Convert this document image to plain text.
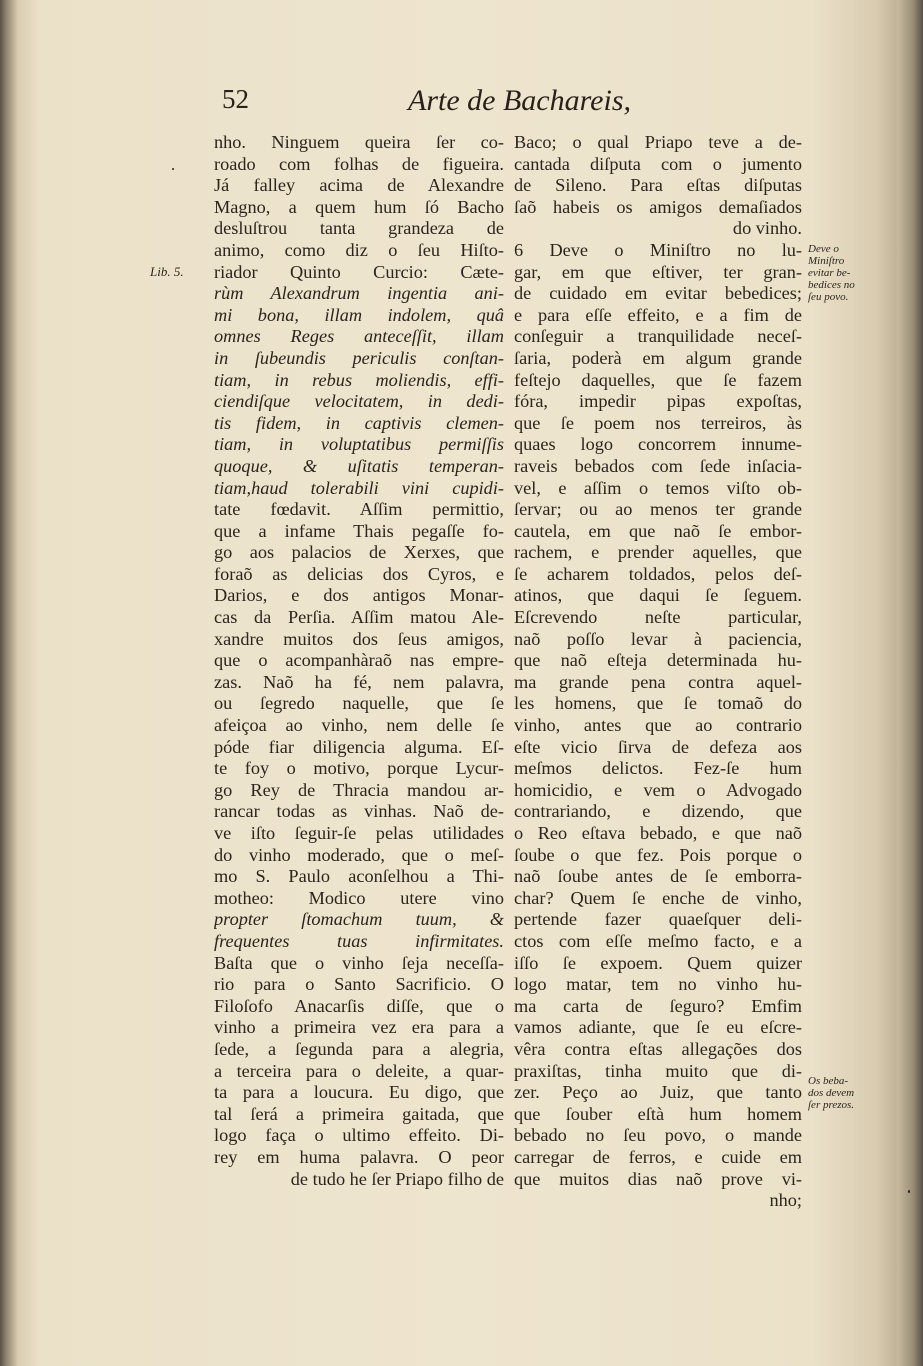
52	Arte de Bachareis,
Lib. 5.
Deve o
Miniſtro
evitar be-
bedices no
ſeu povo.
Os beba-
dos devem
ſer prezos.
nho. Ninguem queira ſer co-
roado com folhas de figueira.
Já falley acima de Alexandre
Magno, a quem hum ſó Bacho
desluſtrou tanta grandeza de
animo, como diz o ſeu Hiſto-
riador Quinto Curcio: Cæte-
rùm Alexandrum ingentia ani-
mi bona, illam indolem, quâ
omnes Reges anteceſſit, illam
in ſubeundis periculis conſtan-
tiam, in rebus moliendis, effi-
ciendiſque velocitatem, in dedi-
tis fidem, in captivis clemen-
tiam, in voluptatibus permiſſis
quoque, & uſitatis temperan-
tiam,haud tolerabili vini cupidi-
tate fœdavit. Aſſim permittio,
que a infame Thais pegaſſe fo-
go aos palacios de Xerxes, que
foraõ as delicias dos Cyros, e
Darios, e dos antigos Monar-
cas da Perſia. Aſſim matou Ale-
xandre muitos dos ſeus amigos,
que o acompanhàraõ nas empre-
zas. Naõ ha fé, nem palavra,
ou ſegredo naquelle, que ſe
afeiçoa ao vinho, nem delle ſe
póde fiar diligencia alguma. Eſ-
te foy o motivo, porque Lycur-
go Rey de Thracia mandou ar-
rancar todas as vinhas. Naõ de-
ve iſto ſeguir-ſe pelas utilidades
do vinho moderado, que o meſ-
mo S. Paulo aconſelhou a Thi-
motheo: Modico utere vino
propter ſtomachum tuum, &
frequentes tuas infirmitates.
Baſta que o vinho ſeja neceſſa-
rio para o Santo Sacrificio. O
Filoſofo Anacarſis diſſe, que o
vinho a primeira vez era para a
ſede, a ſegunda para a alegria,
a terceira para o deleite, a quar-
ta para a loucura. Eu digo, que
tal ſerá a primeira gaitada, que
logo faça o ultimo effeito. Di-
rey em huma palavra. O peor
de tudo he ſer Priapo filho de
Baco; o qual Priapo teve a de-
cantada diſputa com o jumento
de Sileno. Para eſtas diſputas
ſaõ habeis os amigos demaſiados
do vinho.
6 Deve o Miniſtro no lu-
gar, em que eſtiver, ter gran-
de cuidado em evitar bebedices;
e para eſſe effeito, e a fim de
conſeguir a tranquilidade neceſ-
ſaria, poderà em algum grande
feſtejo daquelles, que ſe fazem
fóra, impedir pipas expoſtas,
que ſe poem nos terreiros, às
quaes logo concorrem innume-
raveis bebados com ſede inſacia-
vel, e aſſim o temos viſto ob-
ſervar; ou ao menos ter grande
cautela, em que naõ ſe embor-
rachem, e prender aquelles, que
ſe acharem toldados, pelos deſ-
atinos, que daqui ſe ſeguem.
Eſcrevendo neſte particular,
naõ poſſo levar à paciencia,
que naõ eſteja determinada hu-
ma grande pena contra aquel-
les homens, que ſe tomaõ do
vinho, antes que ao contrario
eſte vicio ſirva de defeza aos
meſmos delictos. Fez-ſe hum
homicidio, e vem o Advogado
contrariando, e dizendo, que
o Reo eſtava bebado, e que naõ
ſoube o que fez. Pois porque o
naõ ſoube antes de ſe emborra-
char? Quem ſe enche de vinho,
pertende fazer quaeſquer deli-
ctos com eſſe meſmo facto, e a
iſſo ſe expoem. Quem quizer
logo matar, tem no vinho hu-
ma carta de ſeguro? Emfim
vamos adiante, que ſe eu eſcre-
vêra contra eſtas allegações dos
praxiſtas, tinha muito que di-
zer. Peço ao Juiz, que tanto
que ſouber eſtà hum homem
bebado no ſeu povo, o mande
carregar de ferros, e cuide em
que muitos dias naõ prove vi-
nho;
